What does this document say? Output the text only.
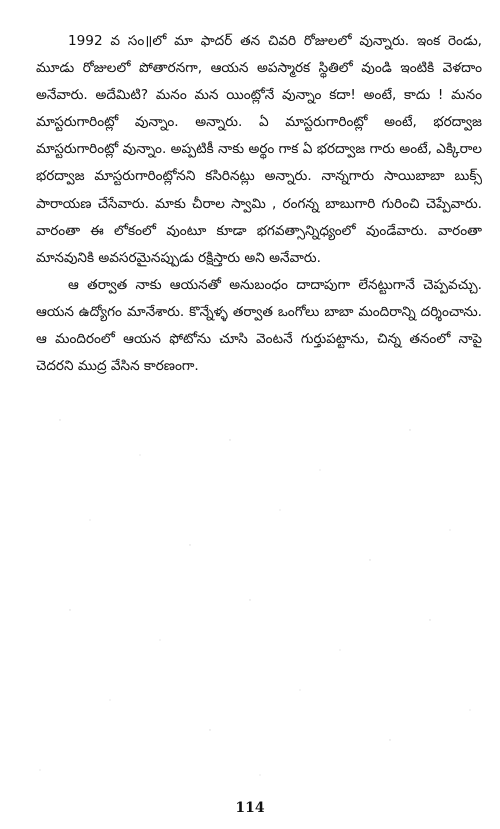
1992 వ సం॥లో మా ఫాదర్ తన చివరి రోజులలో వున్నారు. ఇంక రెండు, మూడు రోజులలో పోతారనగా, ఆయన అపస్మారక స్థితిలో వుండి ఇంటికి వెళదాం అనేవారు. అదేమిటి? మనం మన యింట్లోనే వున్నాం కదా! అంటే, కాదు ! మనం మాస్టరుగారింట్లో వున్నాం. అన్నారు. ఏ మాస్టరుగారింట్లో అంటే, భరద్వాజ మాస్టరుగారింట్లో వున్నాం. అప్పటికీ నాకు అర్థం గాక ఏ భరద్వాజ గారు అంటే, ఎక్కిరాల భరద్వాజ మాస్టరుగారింట్లోనని కసిరినట్లు అన్నారు. నాన్నగారు సాయిబాబా బుక్స్ పారాయణ చేసేవారు. మాకు చీరాల స్వామి , రంగన్న బాబుగారి గురించి చెప్పేవారు. వారంతా ఈ లోకంలో వుంటూ కూడా భగవత్సాన్నిధ్యంలో వుండేవారు. వారంతా మానవునికి అవసరమైనప్పుడు రక్షిస్తారు అని అనేవారు.

ఆ తర్వాత నాకు ఆయనతో అనుబంధం దాదాపుగా లేనట్టుగానే చెప్పవచ్చు. ఆయన ఉద్యోగం మానేశారు. కొన్నేళ్ళ తర్వాత ఒంగోలు బాబా మందిరాన్ని దర్శించాను. ఆ మందిరంలో ఆయన ఫోటోను చూసి వెంటనే గుర్తుపట్టాను, చిన్న తనంలో నాపై చెదరని ముద్ర వేసిన కారణంగా.

114
